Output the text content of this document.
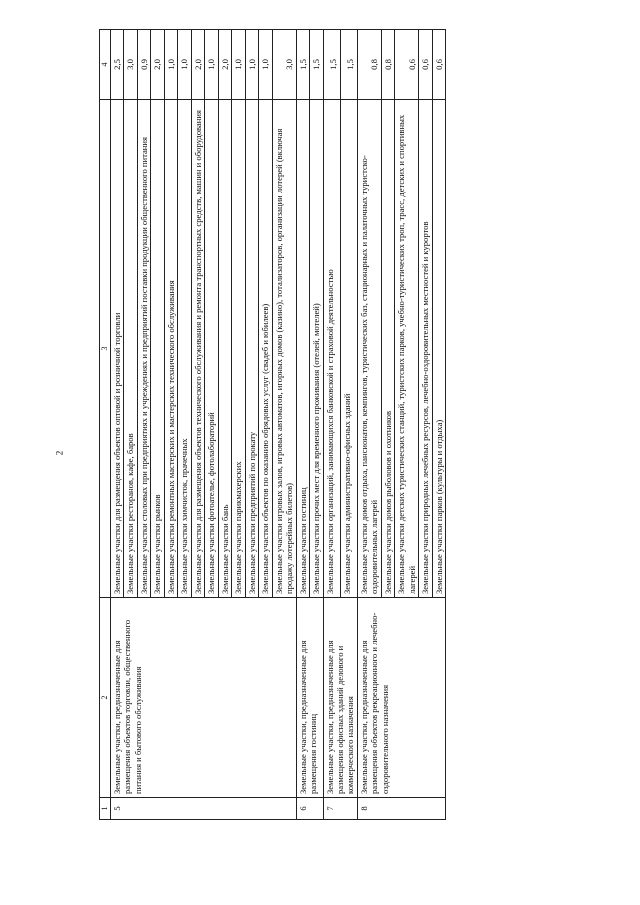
2
1	2	3	4
5	Земельные участки, предназначенные для размещения объектов торговли, общественного питания и бытового обслуживания	Земельные участки для размещения объектов оптовой и розничной торговли	2,5
		Земельные участки ресторанов, кафе, баров	3,0
		Земельные участки столовых при предприятиях и учреждениях и предприятий поставки продукции общественного питания	0,9
		Земельные участки рынков	2,0
		Земельные участки ремонтных мастерских и мастерских технического обслуживания	1,0
		Земельные участки химчисток, прачечных	1,0
		Земельные участки для размещения объектов технического обслуживания и ремонта транспортных средств, машин и оборудования	2,0
		Земельные участки фотоателье, фотолабораторий	1,0
		Земельные участки бань	2,0
		Земельные участки парикмахерских	1,0
		Земельные участки предприятий по прокату	1,0
		Земельные участки объектов по оказанию обрядовых услуг (свадеб и юбилеев)	1,0
		Земельные участки игровых залов, игровых автоматов, игорных домов (казино), тотализаторов, организации лотерей (включая продажу лотерейных билетов)	3,0
6	Земельные участки, предназначенные для размещения гостиниц	Земельные участки гостиниц	1,5
		Земельные участки прочих мест для временного проживания (отелей, мотелей)	1,5
7	Земельные участки, предназначенные для размещения офисных зданий делового и коммерческого назначения	Земельные участки организаций, занимающихся банковской и страховой деятельностью	1,5
		Земельные участки административно-офисных зданий	1,5
8	Земельные участки, предназначенные для размещения объектов рекреационного и лечебно-оздоровительного назначения	Земельные участки домов отдыха, пансионатов, кемпингов, туристических баз, стационарных и палаточных туристско-оздоровительных лагерей	0,8
		Земельные участки домов рыболовов и охотников	0,8
		Земельные участки детских туристических станций, туристских парков, учебно-туристических троп, трасс, детских и спортивных лагерей	0,6
		Земельные участки природных лечебных ресурсов, лечебно-оздоровительных местностей и курортов	0,6
		Земельные участки парков (культуры и отдыха)	0,6
